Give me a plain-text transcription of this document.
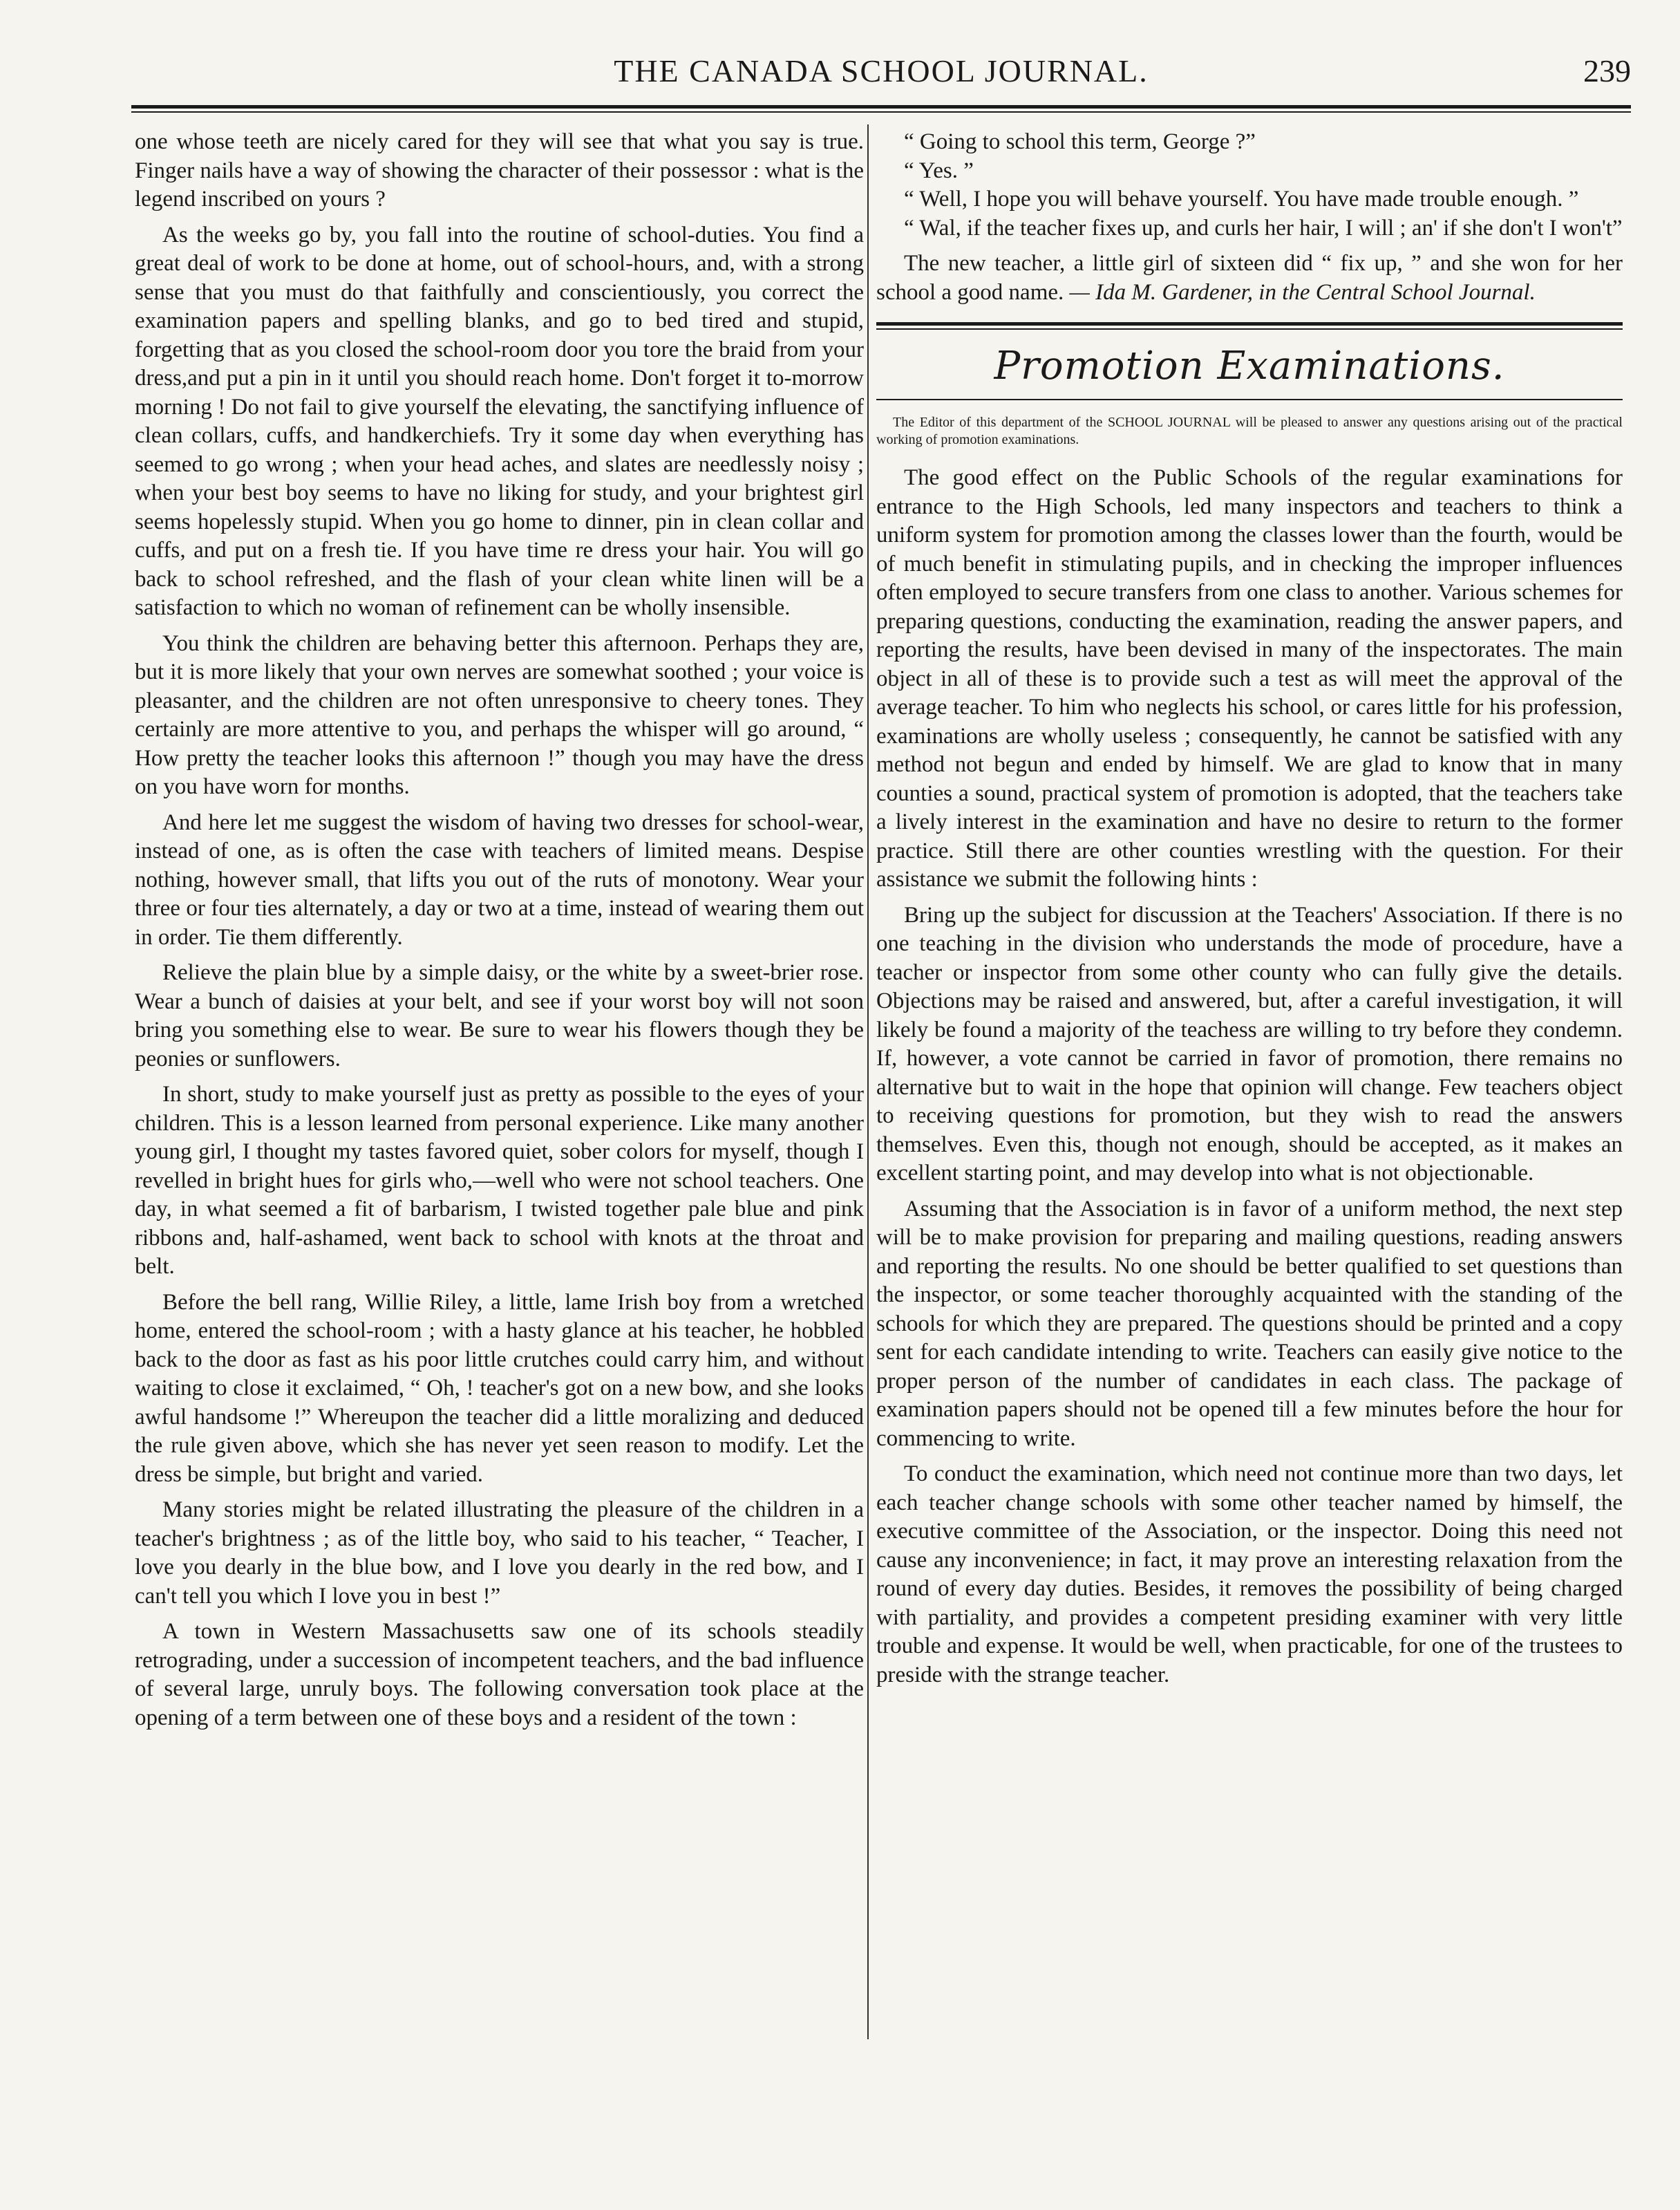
THE CANADA SCHOOL JOURNAL.	239

one whose teeth are nicely cared for they will see that what you say is true. Finger nails have a way of showing the character of their possessor : what is the legend inscribed on yours ?

As the weeks go by, you fall into the routine of school-duties. You find a great deal of work to be done at home, out of school-hours, and, with a strong sense that you must do that faithfully and conscientiously, you correct the examination papers and spelling blanks, and go to bed tired and stupid, forgetting that as you closed the school-room door you tore the braid from your dress,and put a pin in it until you should reach home. Don't forget it to-morrow morning ! Do not fail to give yourself the elevating, the sanctifying influence of clean collars, cuffs, and handkerchiefs. Try it some day when everything has seemed to go wrong ; when your head aches, and slates are needlessly noisy ; when your best boy seems to have no liking for study, and your brightest girl seems hopelessly stupid. When you go home to dinner, pin in clean collar and cuffs, and put on a fresh tie. If you have time re dress your hair. You will go back to school refreshed, and the flash of your clean white linen will be a satisfaction to which no woman of refinement can be wholly insensible.

You think the children are behaving better this afternoon. Perhaps they are, but it is more likely that your own nerves are somewhat soothed ; your voice is pleasanter, and the children are not often unresponsive to cheery tones. They certainly are more attentive to you, and perhaps the whisper will go around, “ How pretty the teacher looks this afternoon !” though you may have the dress on you have worn for months.

And here let me suggest the wisdom of having two dresses for school-wear, instead of one, as is often the case with teachers of limited means. Despise nothing, however small, that lifts you out of the ruts of monotony. Wear your three or four ties alternately, a day or two at a time, instead of wearing them out in order. Tie them differently.

Relieve the plain blue by a simple daisy, or the white by a sweet-brier rose. Wear a bunch of daisies at your belt, and see if your worst boy will not soon bring you something else to wear. Be sure to wear his flowers though they be peonies or sunflowers.

In short, study to make yourself just as pretty as possible to the eyes of your children. This is a lesson learned from personal experience. Like many another young girl, I thought my tastes favored quiet, sober colors for myself, though I revelled in bright hues for girls who,—well who were not school teachers. One day, in what seemed a fit of barbarism, I twisted together pale blue and pink ribbons and, half-ashamed, went back to school with knots at the throat and belt.

Before the bell rang, Willie Riley, a little, lame Irish boy from a wretched home, entered the school-room ; with a hasty glance at his teacher, he hobbled back to the door as fast as his poor little crutches could carry him, and without waiting to close it exclaimed, “ Oh, ! teacher's got on a new bow, and she looks awful handsome !” Whereupon the teacher did a little moralizing and deduced the rule given above, which she has never yet seen reason to modify. Let the dress be simple, but bright and varied.

Many stories might be related illustrating the pleasure of the children in a teacher's brightness ; as of the little boy, who said to his teacher, “ Teacher, I love you dearly in the blue bow, and I love you dearly in the red bow, and I can't tell you which I love you in best !”

A town in Western Massachusetts saw one of its schools steadily retrograding, under a succession of incompetent teachers, and the bad influence of several large, unruly boys. The following conversation took place at the opening of a term between one of these boys and a resident of the town :

“ Going to school this term, George ?”

“ Yes. ”

“ Well, I hope you will behave yourself. You have made trouble enough. ”

“ Wal, if the teacher fixes up, and curls her hair, I will ; an' if she don't I won't”

The new teacher, a little girl of sixteen did “ fix up, ” and she won for her school a good name. — Ida M. Gardener, in the Central School Journal.

Promotion Examinations.

The Editor of this department of the SCHOOL JOURNAL will be pleased to answer any questions arising out of the practical working of promotion examinations.

The good effect on the Public Schools of the regular examinations for entrance to the High Schools, led many inspectors and teachers to think a uniform system for promotion among the classes lower than the fourth, would be of much benefit in stimulating pupils, and in checking the improper influences often employed to secure transfers from one class to another. Various schemes for preparing questions, conducting the examination, reading the answer papers, and reporting the results, have been devised in many of the inspectorates. The main object in all of these is to provide such a test as will meet the approval of the average teacher. To him who neglects his school, or cares little for his profession, examinations are wholly useless ; consequently, he cannot be satisfied with any method not begun and ended by himself. We are glad to know that in many counties a sound, practical system of promotion is adopted, that the teachers take a lively interest in the examination and have no desire to return to the former practice. Still there are other counties wrestling with the question. For their assistance we submit the following hints :

Bring up the subject for discussion at the Teachers' Association. If there is no one teaching in the division who understands the mode of procedure, have a teacher or inspector from some other county who can fully give the details. Objections may be raised and answered, but, after a careful investigation, it will likely be found a majority of the teachess are willing to try before they condemn. If, however, a vote cannot be carried in favor of promotion, there remains no alternative but to wait in the hope that opinion will change. Few teachers object to receiving questions for promotion, but they wish to read the answers themselves. Even this, though not enough, should be accepted, as it makes an excellent starting point, and may develop into what is not objectionable.

Assuming that the Association is in favor of a uniform method, the next step will be to make provision for preparing and mailing questions, reading answers and reporting the results. No one should be better qualified to set questions than the inspector, or some teacher thoroughly acquainted with the standing of the schools for which they are prepared. The questions should be printed and a copy sent for each candidate intending to write. Teachers can easily give notice to the proper person of the number of candidates in each class. The package of examination papers should not be opened till a few minutes before the hour for commencing to write.

To conduct the examination, which need not continue more than two days, let each teacher change schools with some other teacher named by himself, the executive committee of the Association, or the inspector. Doing this need not cause any inconvenience; in fact, it may prove an interesting relaxation from the round of every day duties. Besides, it removes the possibility of being charged with partiality, and provides a competent presiding examiner with very little trouble and expense. It would be well, when practicable, for one of the trustees to preside with the strange teacher.
